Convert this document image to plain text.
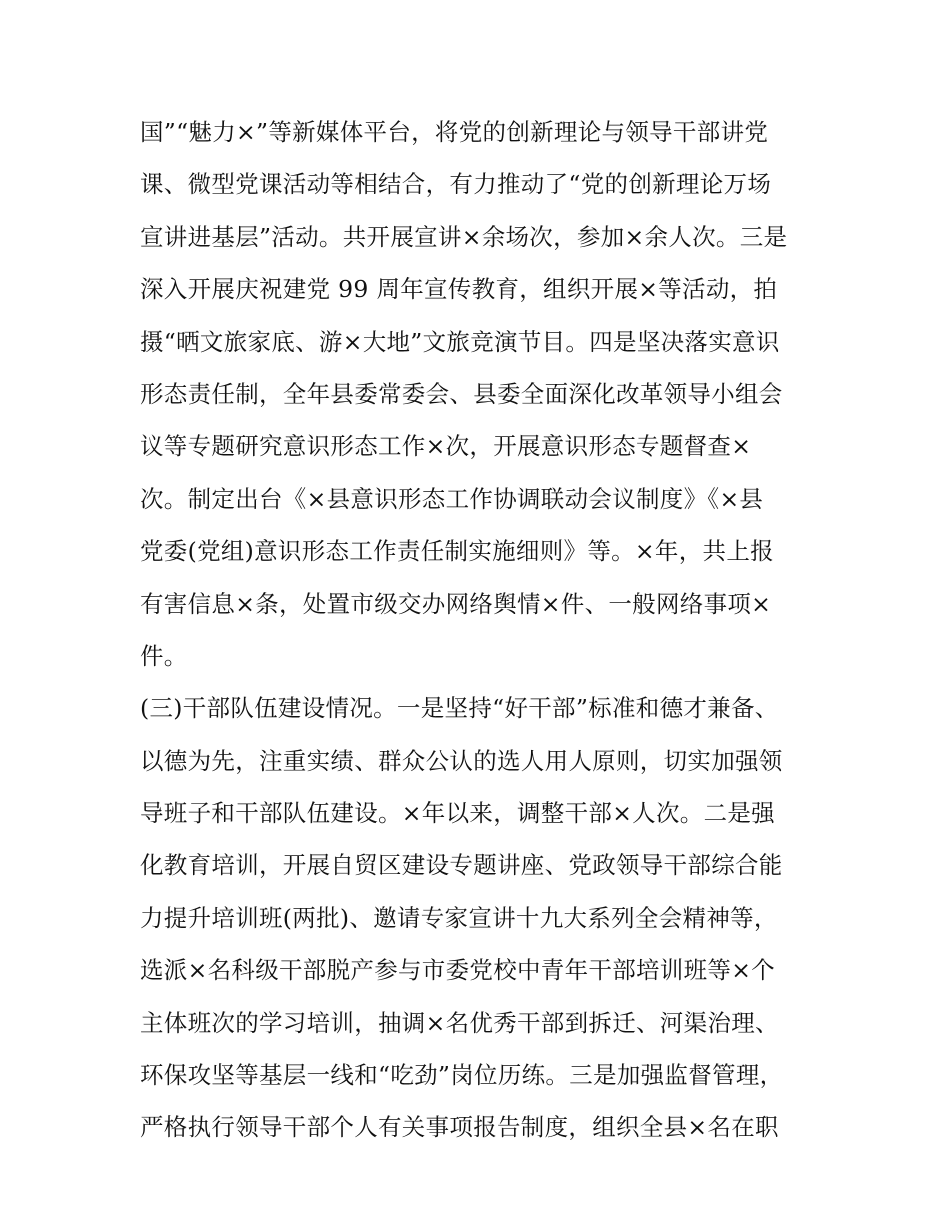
国”“魅力×”等新媒体平台，将党的创新理论与领导干部讲党
课、微型党课活动等相结合，有力推动了“党的创新理论万场
宣讲进基层”活动。共开展宣讲×余场次，参加×余人次。三是
深入开展庆祝建党 99 周年宣传教育，组织开展×等活动，拍
摄“晒文旅家底、游×大地”文旅竞演节目。四是坚决落实意识
形态责任制，全年县委常委会、县委全面深化改革领导小组会
议等专题研究意识形态工作×次，开展意识形态专题督查×
次。制定出台《×县意识形态工作协调联动会议制度》《×县
党委(党组)意识形态工作责任制实施细则》等。×年，共上报
有害信息×条，处置市级交办网络舆情×件、一般网络事项×
件。
(三)干部队伍建设情况。一是坚持“好干部”标准和德才兼备、
以德为先，注重实绩、群众公认的选人用人原则，切实加强领
导班子和干部队伍建设。×年以来，调整干部×人次。二是强
化教育培训，开展自贸区建设专题讲座、党政领导干部综合能
力提升培训班(两批)、邀请专家宣讲十九大系列全会精神等，
选派×名科级干部脱产参与市委党校中青年干部培训班等×个
主体班次的学习培训，抽调×名优秀干部到拆迁、河渠治理、
环保攻坚等基层一线和“吃劲”岗位历练。三是加强监督管理，
严格执行领导干部个人有关事项报告制度，组织全县×名在职
